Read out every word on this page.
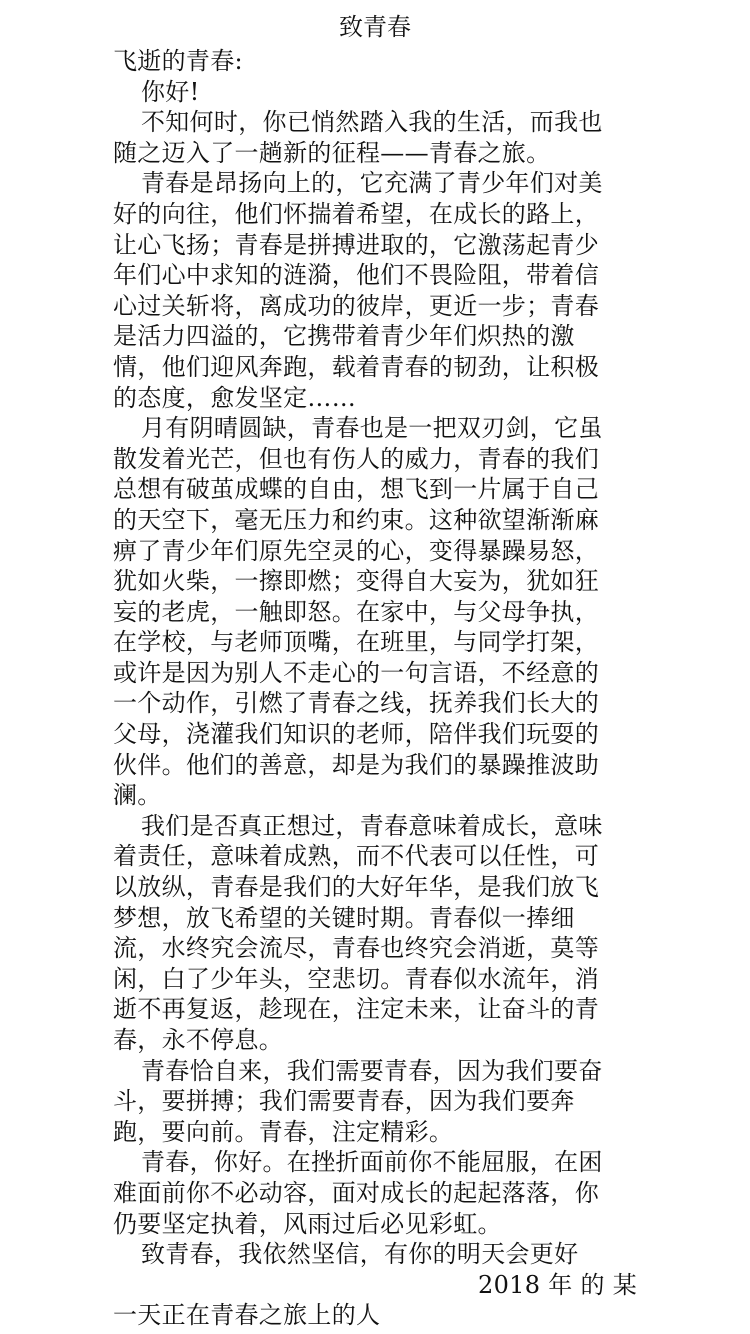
致青春
飞逝的青春:
你好!
不知何时，你已悄然踏入我的生活，而我也
随之迈入了一趟新的征程——青春之旅。
青春是昂扬向上的，它充满了青少年们对美
好的向往，他们怀揣着希望，在成长的路上，
让心飞扬；青春是拼搏进取的，它激荡起青少
年们心中求知的涟漪，他们不畏险阻，带着信
心过关斩将，离成功的彼岸，更近一步；青春
是活力四溢的，它携带着青少年们炽热的激
情，他们迎风奔跑，载着青春的韧劲，让积极
的态度，愈发坚定……
月有阴晴圆缺，青春也是一把双刃剑，它虽
散发着光芒，但也有伤人的威力，青春的我们
总想有破茧成蝶的自由，想飞到一片属于自己
的天空下，毫无压力和约束。这种欲望渐渐麻
痹了青少年们原先空灵的心，变得暴躁易怒，
犹如火柴，一擦即燃；变得自大妄为，犹如狂
妄的老虎，一触即怒。在家中，与父母争执，
在学校，与老师顶嘴，在班里，与同学打架，
或许是因为别人不走心的一句言语，不经意的
一个动作，引燃了青春之线，抚养我们长大的
父母，浇灌我们知识的老师，陪伴我们玩耍的
伙伴。他们的善意，却是为我们的暴躁推波助
澜。
我们是否真正想过，青春意味着成长，意味
着责任，意味着成熟，而不代表可以任性，可
以放纵，青春是我们的大好年华，是我们放飞
梦想，放飞希望的关键时期。青春似一捧细
流，水终究会流尽，青春也终究会消逝，莫等
闲，白了少年头，空悲切。青春似水流年，消
逝不再复返，趁现在，注定未来，让奋斗的青
春，永不停息。
青春恰自来，我们需要青春，因为我们要奋
斗，要拼搏；我们需要青春，因为我们要奔
跑，要向前。青春，注定精彩。
青春，你好。在挫折面前你不能屈服，在困
难面前你不必动容，面对成长的起起落落，你
仍要坚定执着，风雨过后必见彩虹。
致青春，我依然坚信，有你的明天会更好
2018 年 的 某
一天正在青春之旅上的人
